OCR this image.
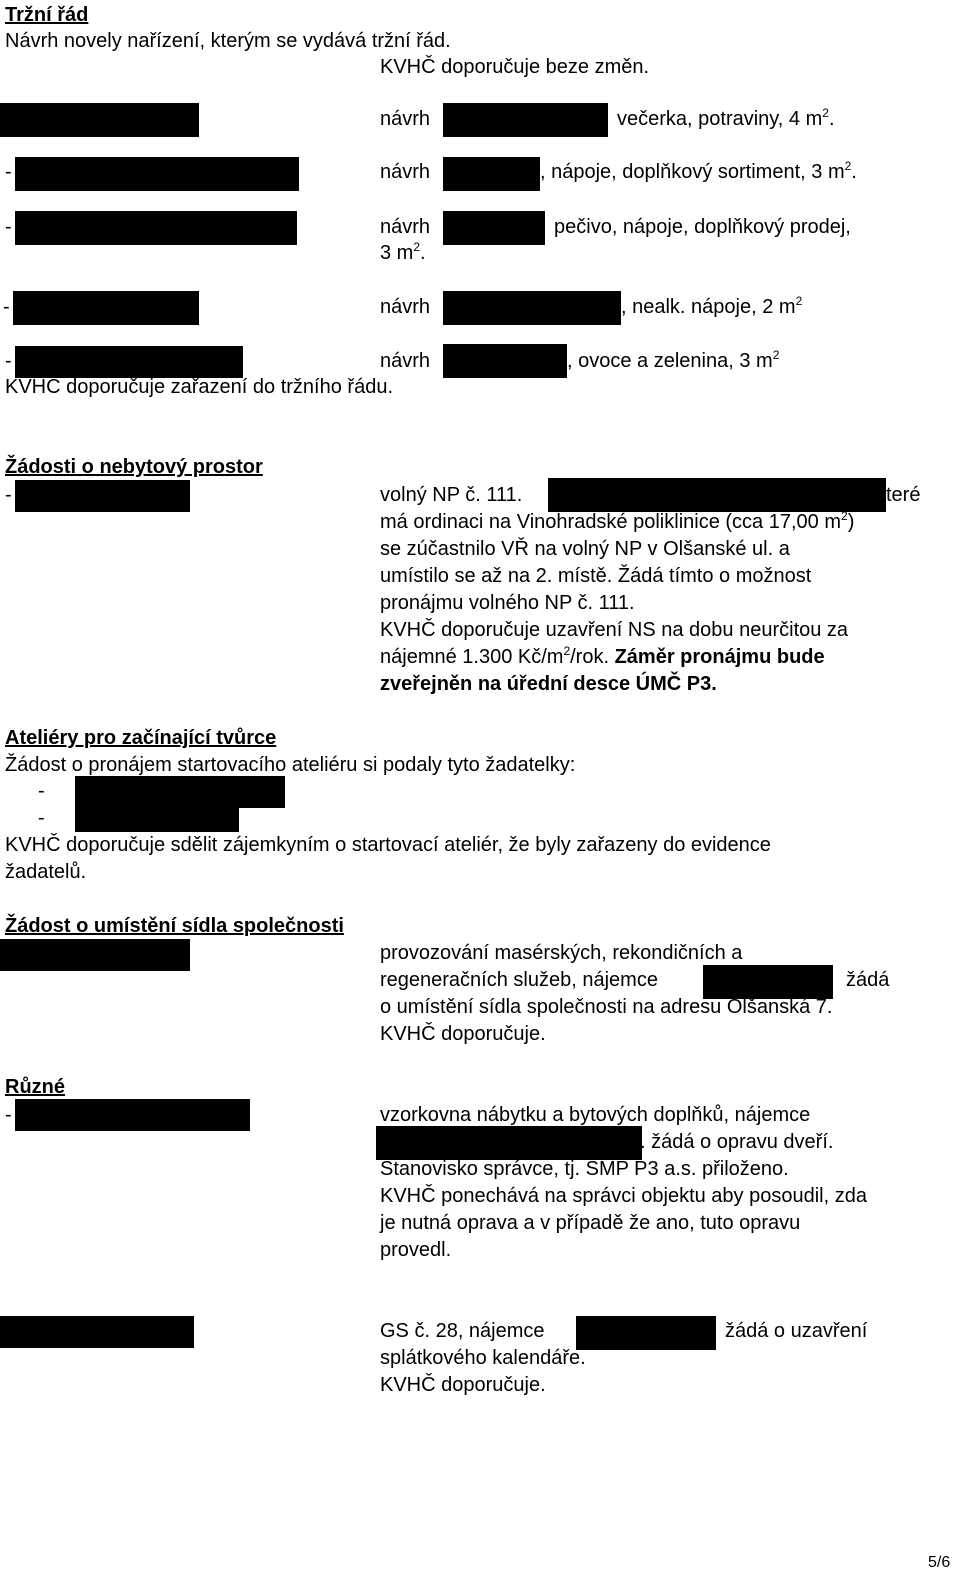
Tržní řád
Návrh novely nařízení, kterým se vydává tržní řád.
KVHČ doporučuje beze změn.
návrh	večerka, potraviny, 4 $m^2$.
-	návrh	, nápoje, doplňkový sortiment, 3 $m^2$.
-	návrh	pečivo, nápoje, doplňkový prodej,
3 $m^2$.
-	návrh	, nealk. nápoje, 2 $m^2$
-	návrh	, ovoce a zelenina, 3 $m^2$
KVHČ doporučuje zařazení do tržního řádu.
Žádosti o nebytový prostor
-	volný NP č. 111.	které
má ordinaci na Vinohradské poliklinice (cca 17,00 $m^2$)
se zúčastnilo VŘ na volný NP v Olšanské ul. a
umístilo se až na 2. místě. Žádá tímto o možnost
pronájmu volného NP č. 111.
KVHČ doporučuje uzavření NS na dobu neurčitou za
nájemné 1.300 $Kč/m^2$/rok. Záměr pronájmu bude
zveřejněn na úřední desce ÚMČ P3.
Ateliéry pro začínající tvůrce
Žádost o pronájem startovacího ateliéru si podaly tyto žadatelky:
-
-
KVHČ doporučuje sdělit zájemkyním o startovací ateliér, že byly zařazeny do evidence
žadatelů.
Žádost o umístění sídla společnosti
provozování masérských, rekondičních a
regeneračních služeb, nájemce	žádá
o umístění sídla společnosti na adresu Olšanská 7.
KVHČ doporučuje.
Různé
-	vzorkovna nábytku a bytových doplňků, nájemce
. žádá o opravu dveří.
Stanovisko správce, tj. SMP P3 a.s. přiloženo.
KVHČ ponechává na správci objektu aby posoudil, zda
je nutná oprava a v případě že ano, tuto opravu
provedl.
GS č. 28, nájemce	žádá o uzavření
splátkového kalendáře.
KVHČ doporučuje.
5/6
